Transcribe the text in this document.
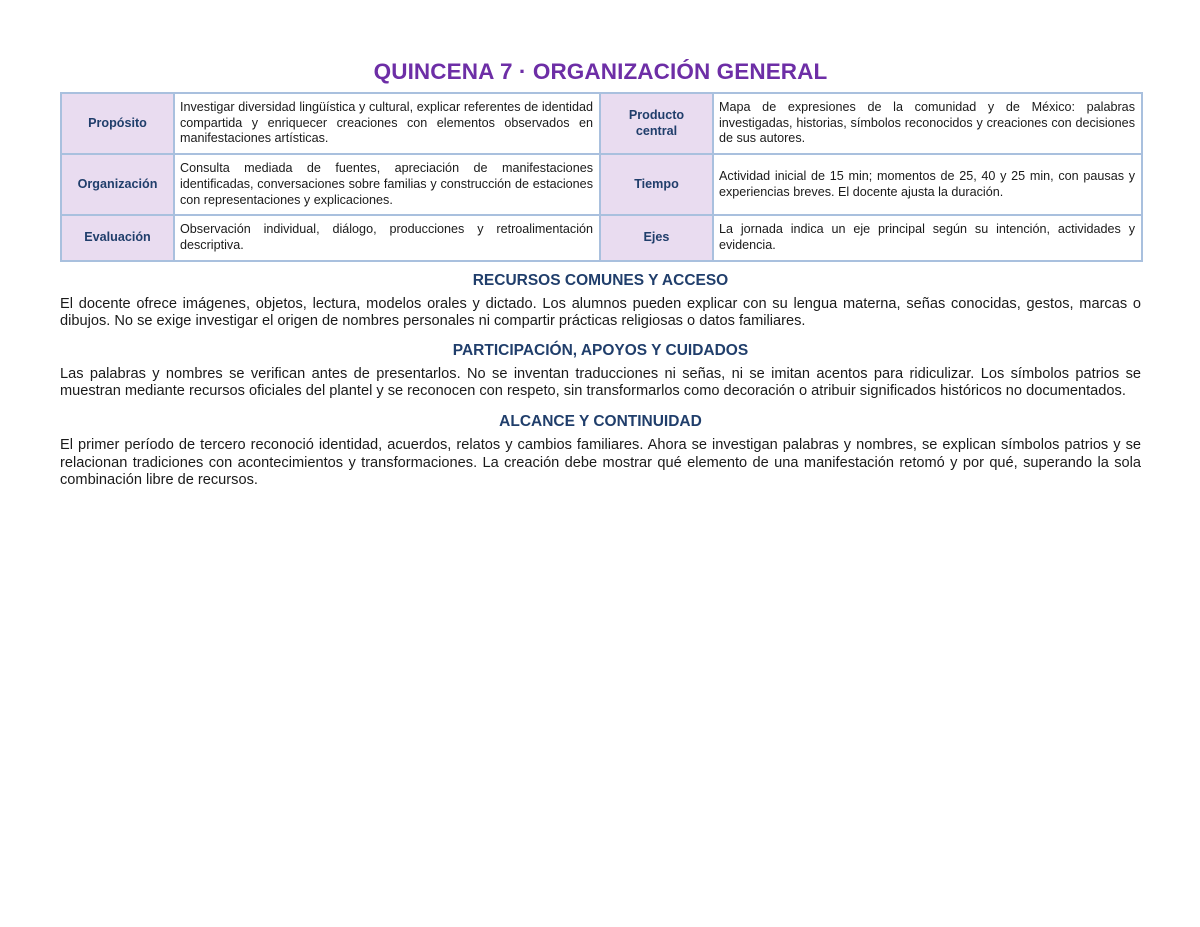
QUINCENA 7 · ORGANIZACIÓN GENERAL
Propósito	Investigar diversidad lingüística y cultural, explicar referentes de identidad compartida y enriquecer creaciones con elementos observados en manifestaciones artísticas.	Producto central	Mapa de expresiones de la comunidad y de México: palabras investigadas, historias, símbolos reconocidos y creaciones con decisiones de sus autores.
Organización	Consulta mediada de fuentes, apreciación de manifestaciones identificadas, conversaciones sobre familias y construcción de estaciones con representaciones y explicaciones.	Tiempo	Actividad inicial de 15 min; momentos de 25, 40 y 25 min, con pausas y experiencias breves. El docente ajusta la duración.
Evaluación	Observación individual, diálogo, producciones y retroalimentación descriptiva.	Ejes	La jornada indica un eje principal según su intención, actividades y evidencia.
RECURSOS COMUNES Y ACCESO

El docente ofrece imágenes, objetos, lectura, modelos orales y dictado. Los alumnos pueden explicar con su lengua materna, señas conocidas, gestos, marcas o dibujos. No se exige investigar el origen de nombres personales ni compartir prácticas religiosas o datos familiares.

PARTICIPACIÓN, APOYOS Y CUIDADOS

Las palabras y nombres se verifican antes de presentarlos. No se inventan traducciones ni señas, ni se imitan acentos para ridiculizar. Los símbolos patrios se muestran mediante recursos oficiales del plantel y se reconocen con respeto, sin transformarlos como decoración o atribuir significados históricos no documentados.

ALCANCE Y CONTINUIDAD

El primer período de tercero reconoció identidad, acuerdos, relatos y cambios familiares. Ahora se investigan palabras y nombres, se explican símbolos patrios y se relacionan tradiciones con acontecimientos y transformaciones. La creación debe mostrar qué elemento de una manifestación retomó y por qué, superando la sola combinación libre de recursos.
